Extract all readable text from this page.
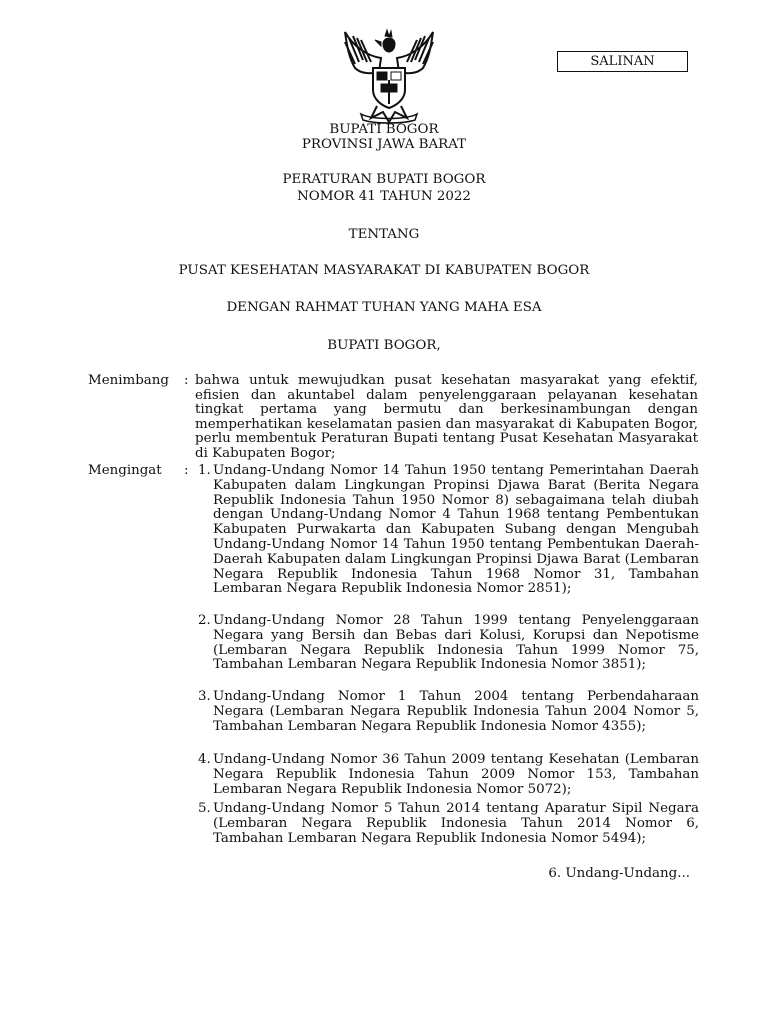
SALINAN
BUPATI BOGOR
PROVINSI JAWA BARAT
PERATURAN BUPATI BOGOR
NOMOR 41 TAHUN 2022
TENTANG
PUSAT KESEHATAN MASYARAKAT DI KABUPATEN BOGOR
DENGAN RAHMAT TUHAN YANG MAHA ESA
BUPATI BOGOR,
Menimbang : bahwa untuk mewujudkan pusat kesehatan masyarakat yang efektif, efisien dan akuntabel dalam penyelenggaraan pelayanan kesehatan tingkat pertama yang bermutu dan berkesinambungan dengan memperhatikan keselamatan pasien dan masyarakat di Kabupaten Bogor, perlu membentuk Peraturan Bupati tentang Pusat Kesehatan Masyarakat di Kabupaten Bogor;
Mengingat : 1. Undang-Undang Nomor 14 Tahun 1950 tentang Pemerintahan Daerah Kabupaten dalam Lingkungan Propinsi Djawa Barat (Berita Negara Republik Indonesia Tahun 1950 Nomor 8) sebagaimana telah diubah dengan Undang-Undang Nomor 4 Tahun 1968 tentang Pembentukan Kabupaten Purwakarta dan Kabupaten Subang dengan Mengubah Undang-Undang Nomor 14 Tahun 1950 tentang Pembentukan Daerah-Daerah Kabupaten dalam Lingkungan Propinsi Djawa Barat (Lembaran Negara Republik Indonesia Tahun 1968 Nomor 31, Tambahan Lembaran Negara Republik Indonesia Nomor 2851);
2. Undang-Undang Nomor 28 Tahun 1999 tentang Penyelenggaraan Negara yang Bersih dan Bebas dari Kolusi, Korupsi dan Nepotisme (Lembaran Negara Republik Indonesia Tahun 1999 Nomor 75, Tambahan Lembaran Negara Republik Indonesia Nomor 3851);
3. Undang-Undang Nomor 1 Tahun 2004 tentang Perbendaharaan Negara (Lembaran Negara Republik Indonesia Tahun 2004 Nomor 5, Tambahan Lembaran Negara Republik Indonesia Nomor 4355);
4. Undang-Undang Nomor 36 Tahun 2009 tentang Kesehatan (Lembaran Negara Republik Indonesia Tahun 2009 Nomor 153, Tambahan Lembaran Negara Republik Indonesia Nomor 5072);
5. Undang-Undang Nomor 5 Tahun 2014 tentang Aparatur Sipil Negara (Lembaran Negara Republik Indonesia Tahun 2014 Nomor 6, Tambahan Lembaran Negara Republik Indonesia Nomor 5494);
6. Undang-Undang...
